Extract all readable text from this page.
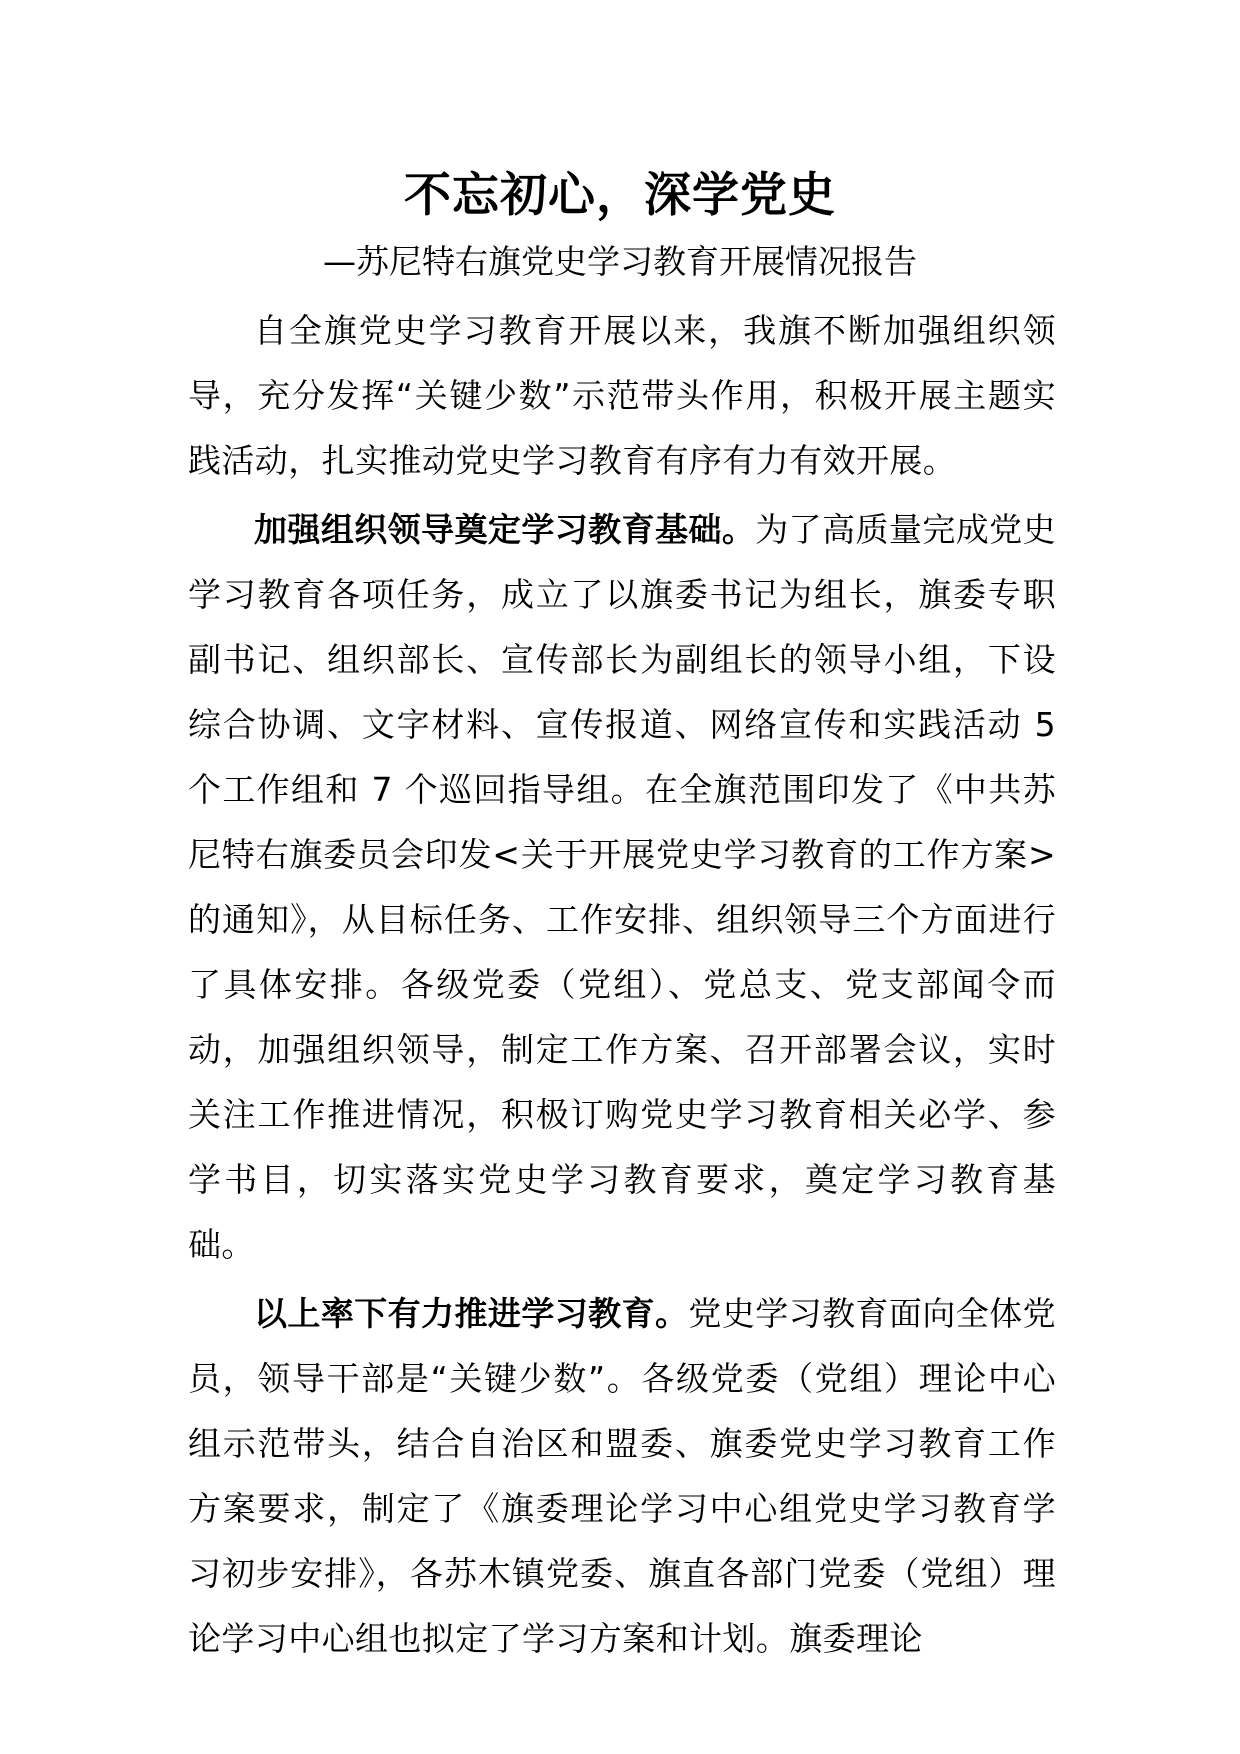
不忘初心，深学党史
—苏尼特右旗党史学习教育开展情况报告

自全旗党史学习教育开展以来，我旗不断加强组织领导，充分发挥“关键少数”示范带头作用，积极开展主题实践活动，扎实推动党史学习教育有序有力有效开展。

加强组织领导奠定学习教育基础。为了高质量完成党史学习教育各项任务，成立了以旗委书记为组长，旗委专职副书记、组织部长、宣传部长为副组长的领导小组，下设综合协调、文字材料、宣传报道、网络宣传和实践活动 5 个工作组和 7 个巡回指导组。在全旗范围印发了《中共苏尼特右旗委员会印发<关于开展党史学习教育的工作方案>的通知》，从目标任务、工作安排、组织领导三个方面进行了具体安排。各级党委（党组）、党总支、党支部闻令而动，加强组织领导，制定工作方案、召开部署会议，实时关注工作推进情况，积极订购党史学习教育相关必学、参学书目，切实落实党史学习教育要求，奠定学习教育基础。

以上率下有力推进学习教育。党史学习教育面向全体党员，领导干部是“关键少数”。各级党委（党组）理论中心组示范带头，结合自治区和盟委、旗委党史学习教育工作方案要求，制定了《旗委理论学习中心组党史学习教育学习初步安排》，各苏木镇党委、旗直各部门党委（党组）理论学习中心组也拟定了学习方案和计划。旗委理论
